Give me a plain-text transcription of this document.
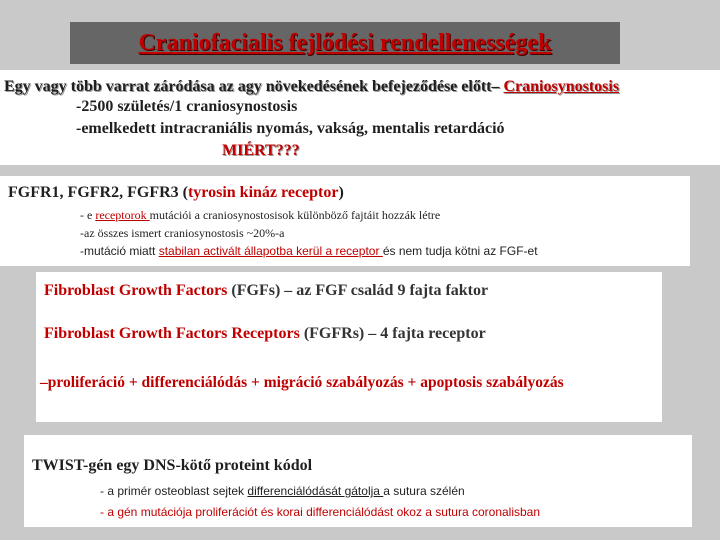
Craniofacialis fejlődési rendellenességek
Egy vagy több varrat záródása az agy növekedésének befejeződése előtt– Craniosynostosis
-2500 születés/1 craniosynostosis
-emelkedett intracraniális nyomás, vakság, mentalis retardáció
MIÉRT???
FGFR1, FGFR2, FGFR3 (tyrosin kináz receptor)
- e receptorok mutációi a craniosynostosisok különböző fajtáit hozzák létre
-az összes ismert craniosynostosis ~20%-a
-mutáció miatt stabilan activált állapotba kerül a receptor és nem tudja kötni az FGF-et
Fibroblast Growth Factors (FGFs) – az FGF család 9 fajta faktor
Fibroblast Growth Factors Receptors (FGFRs) – 4 fajta receptor
–proliferáció + differenciálódás + migráció szabályozás + apoptosis szabályozás
TWIST-gén egy DNS-kötő proteint kódol
- a primér osteoblast sejtek differenciálódását gátolja a sutura szélén
- a gén mutációja proliferációt és korai differenciálódást okoz a sutura coronalisban
